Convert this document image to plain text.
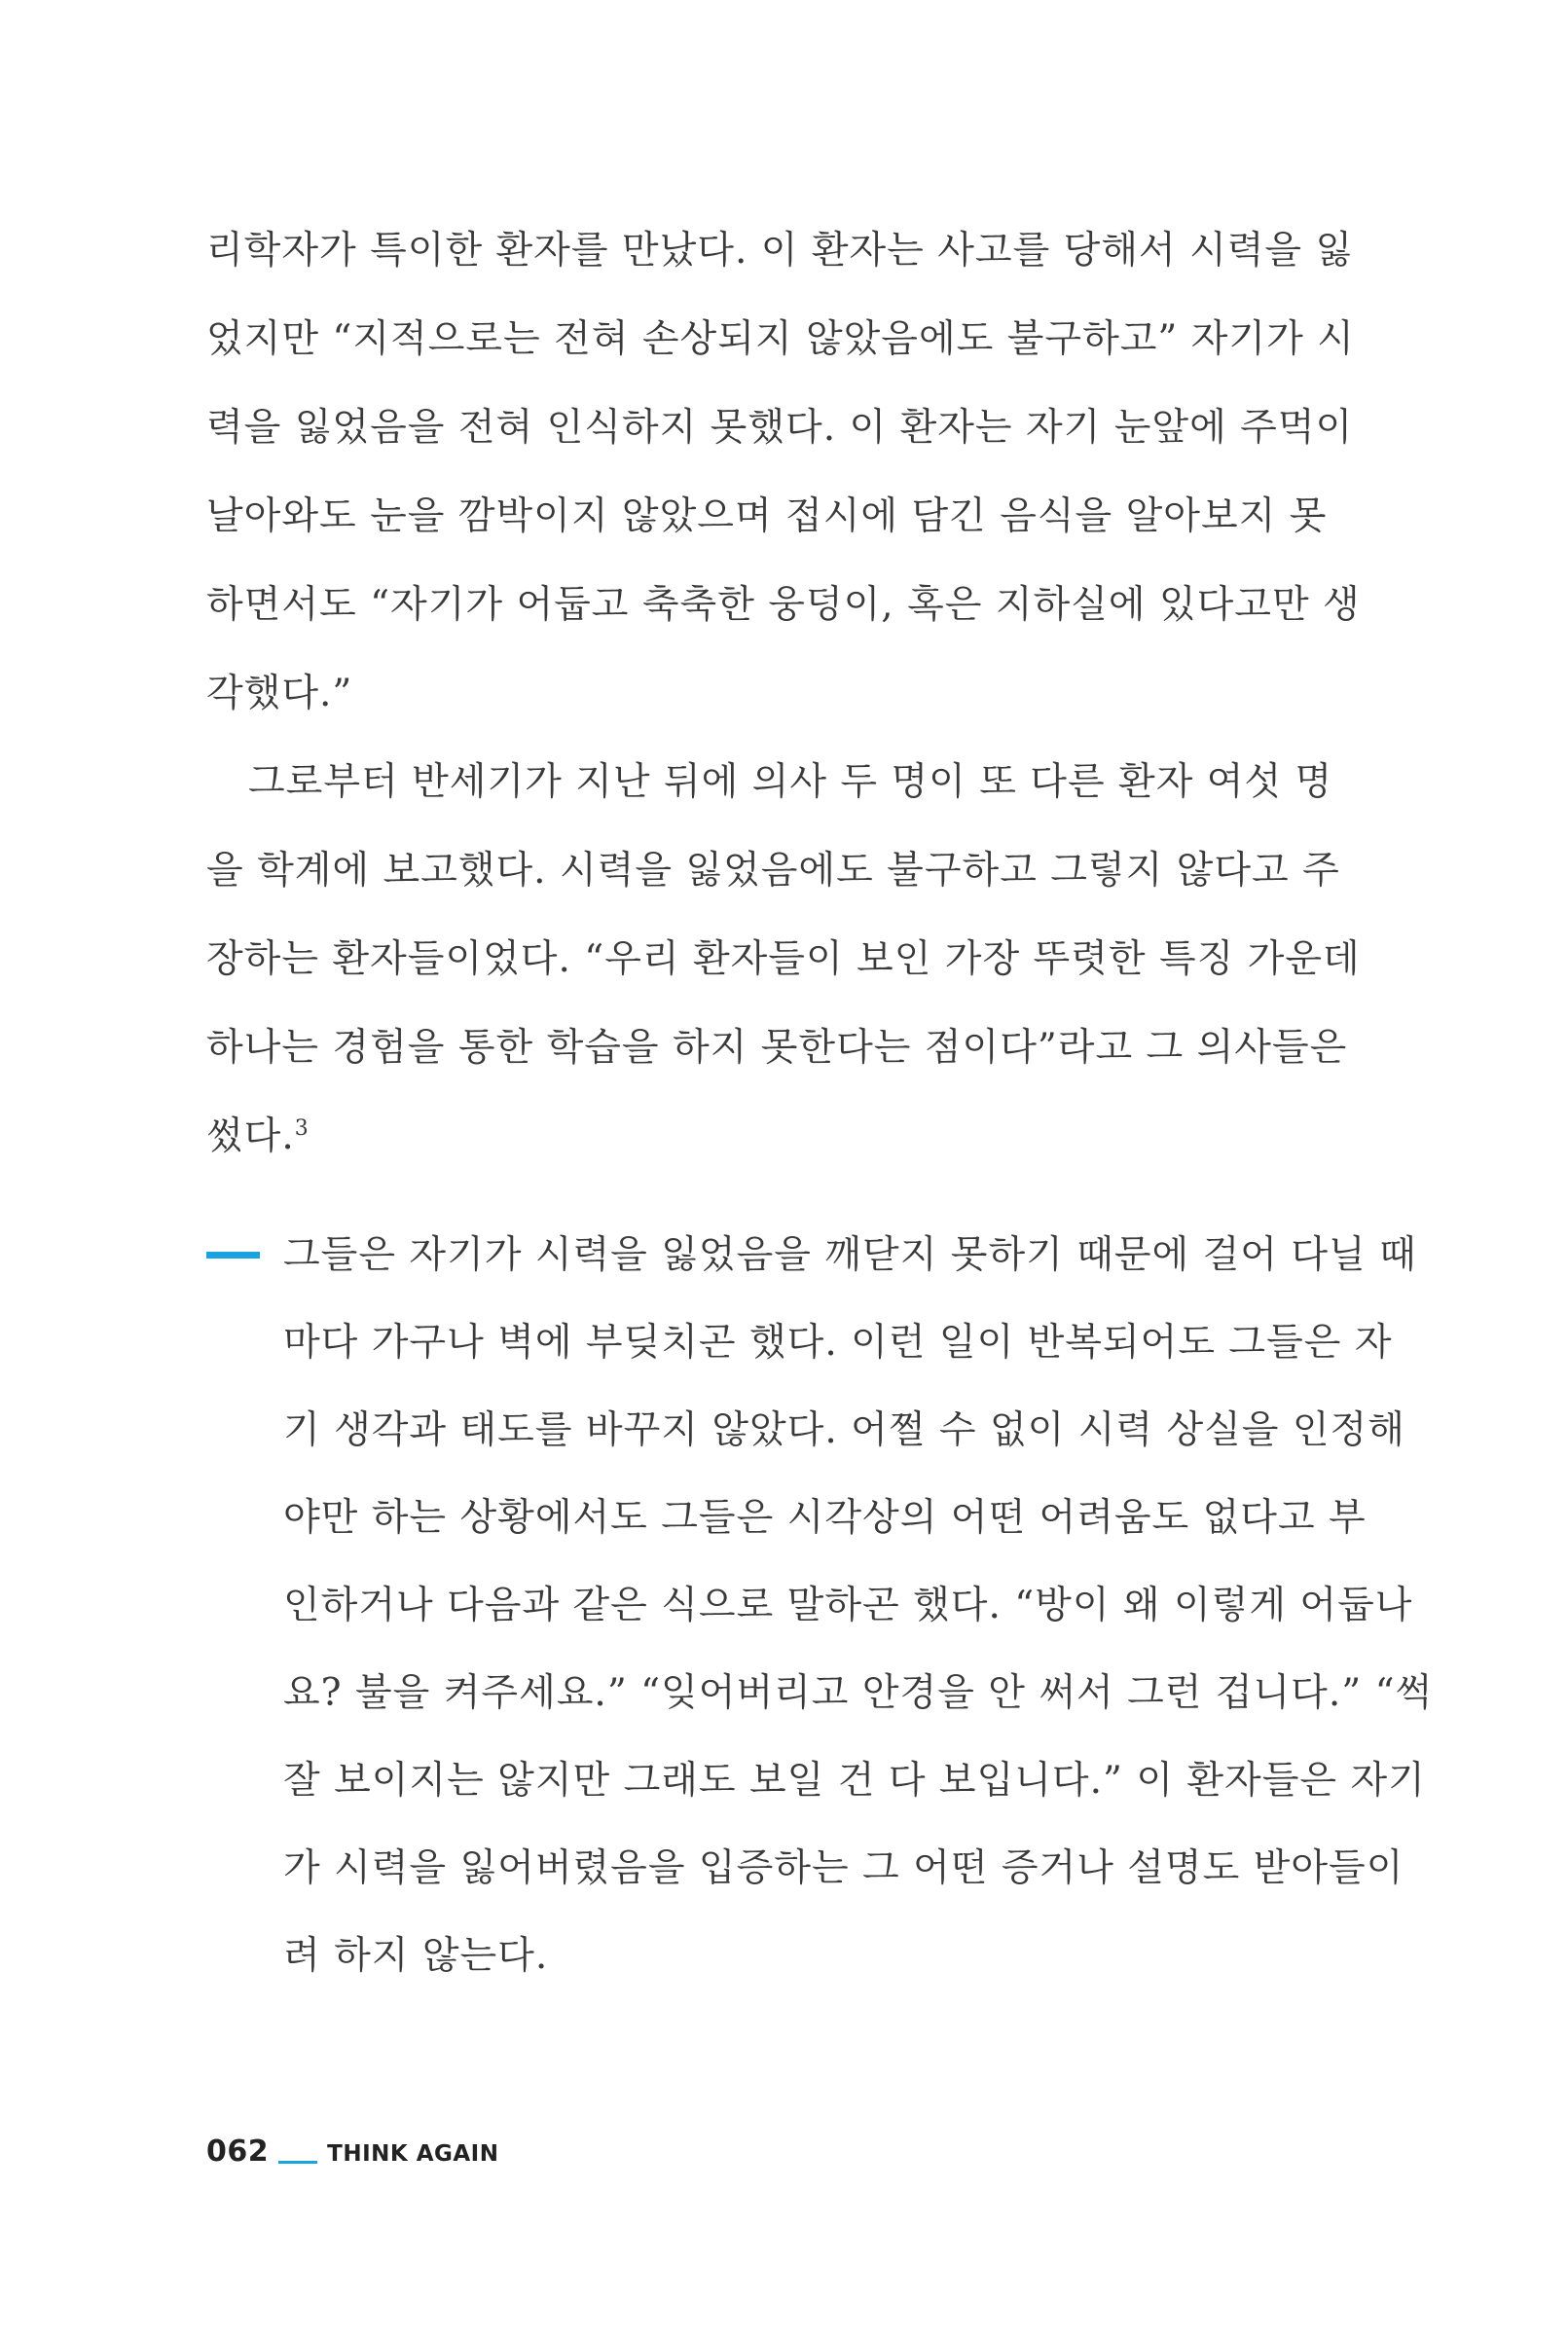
리학자가 특이한 환자를 만났다. 이 환자는 사고를 당해서 시력을 잃
었지만 “지적으로는 전혀 손상되지 않았음에도 불구하고” 자기가 시
력을 잃었음을 전혀 인식하지 못했다. 이 환자는 자기 눈앞에 주먹이
날아와도 눈을 깜박이지 않았으며 접시에 담긴 음식을 알아보지 못
하면서도 “자기가 어둡고 축축한 웅덩이, 혹은 지하실에 있다고만 생
각했다.”
그로부터 반세기가 지난 뒤에 의사 두 명이 또 다른 환자 여섯 명
을 학계에 보고했다. 시력을 잃었음에도 불구하고 그렇지 않다고 주
장하는 환자들이었다. “우리 환자들이 보인 가장 뚜렷한 특징 가운데
하나는 경험을 통한 학습을 하지 못한다는 점이다”라고 그 의사들은
썼다.$^3$
그들은 자기가 시력을 잃었음을 깨닫지 못하기 때문에 걸어 다닐 때
마다 가구나 벽에 부딪치곤 했다. 이런 일이 반복되어도 그들은 자
기 생각과 태도를 바꾸지 않았다. 어쩔 수 없이 시력 상실을 인정해
야만 하는 상황에서도 그들은 시각상의 어떤 어려움도 없다고 부
인하거나 다음과 같은 식으로 말하곤 했다. “방이 왜 이렇게 어둡나
요? 불을 켜주세요.” “잊어버리고 안경을 안 써서 그런 겁니다.” “썩
잘 보이지는 않지만 그래도 보일 건 다 보입니다.” 이 환자들은 자기
가 시력을 잃어버렸음을 입증하는 그 어떤 증거나 설명도 받아들이
려 하지 않는다.
062	THINK AGAIN
